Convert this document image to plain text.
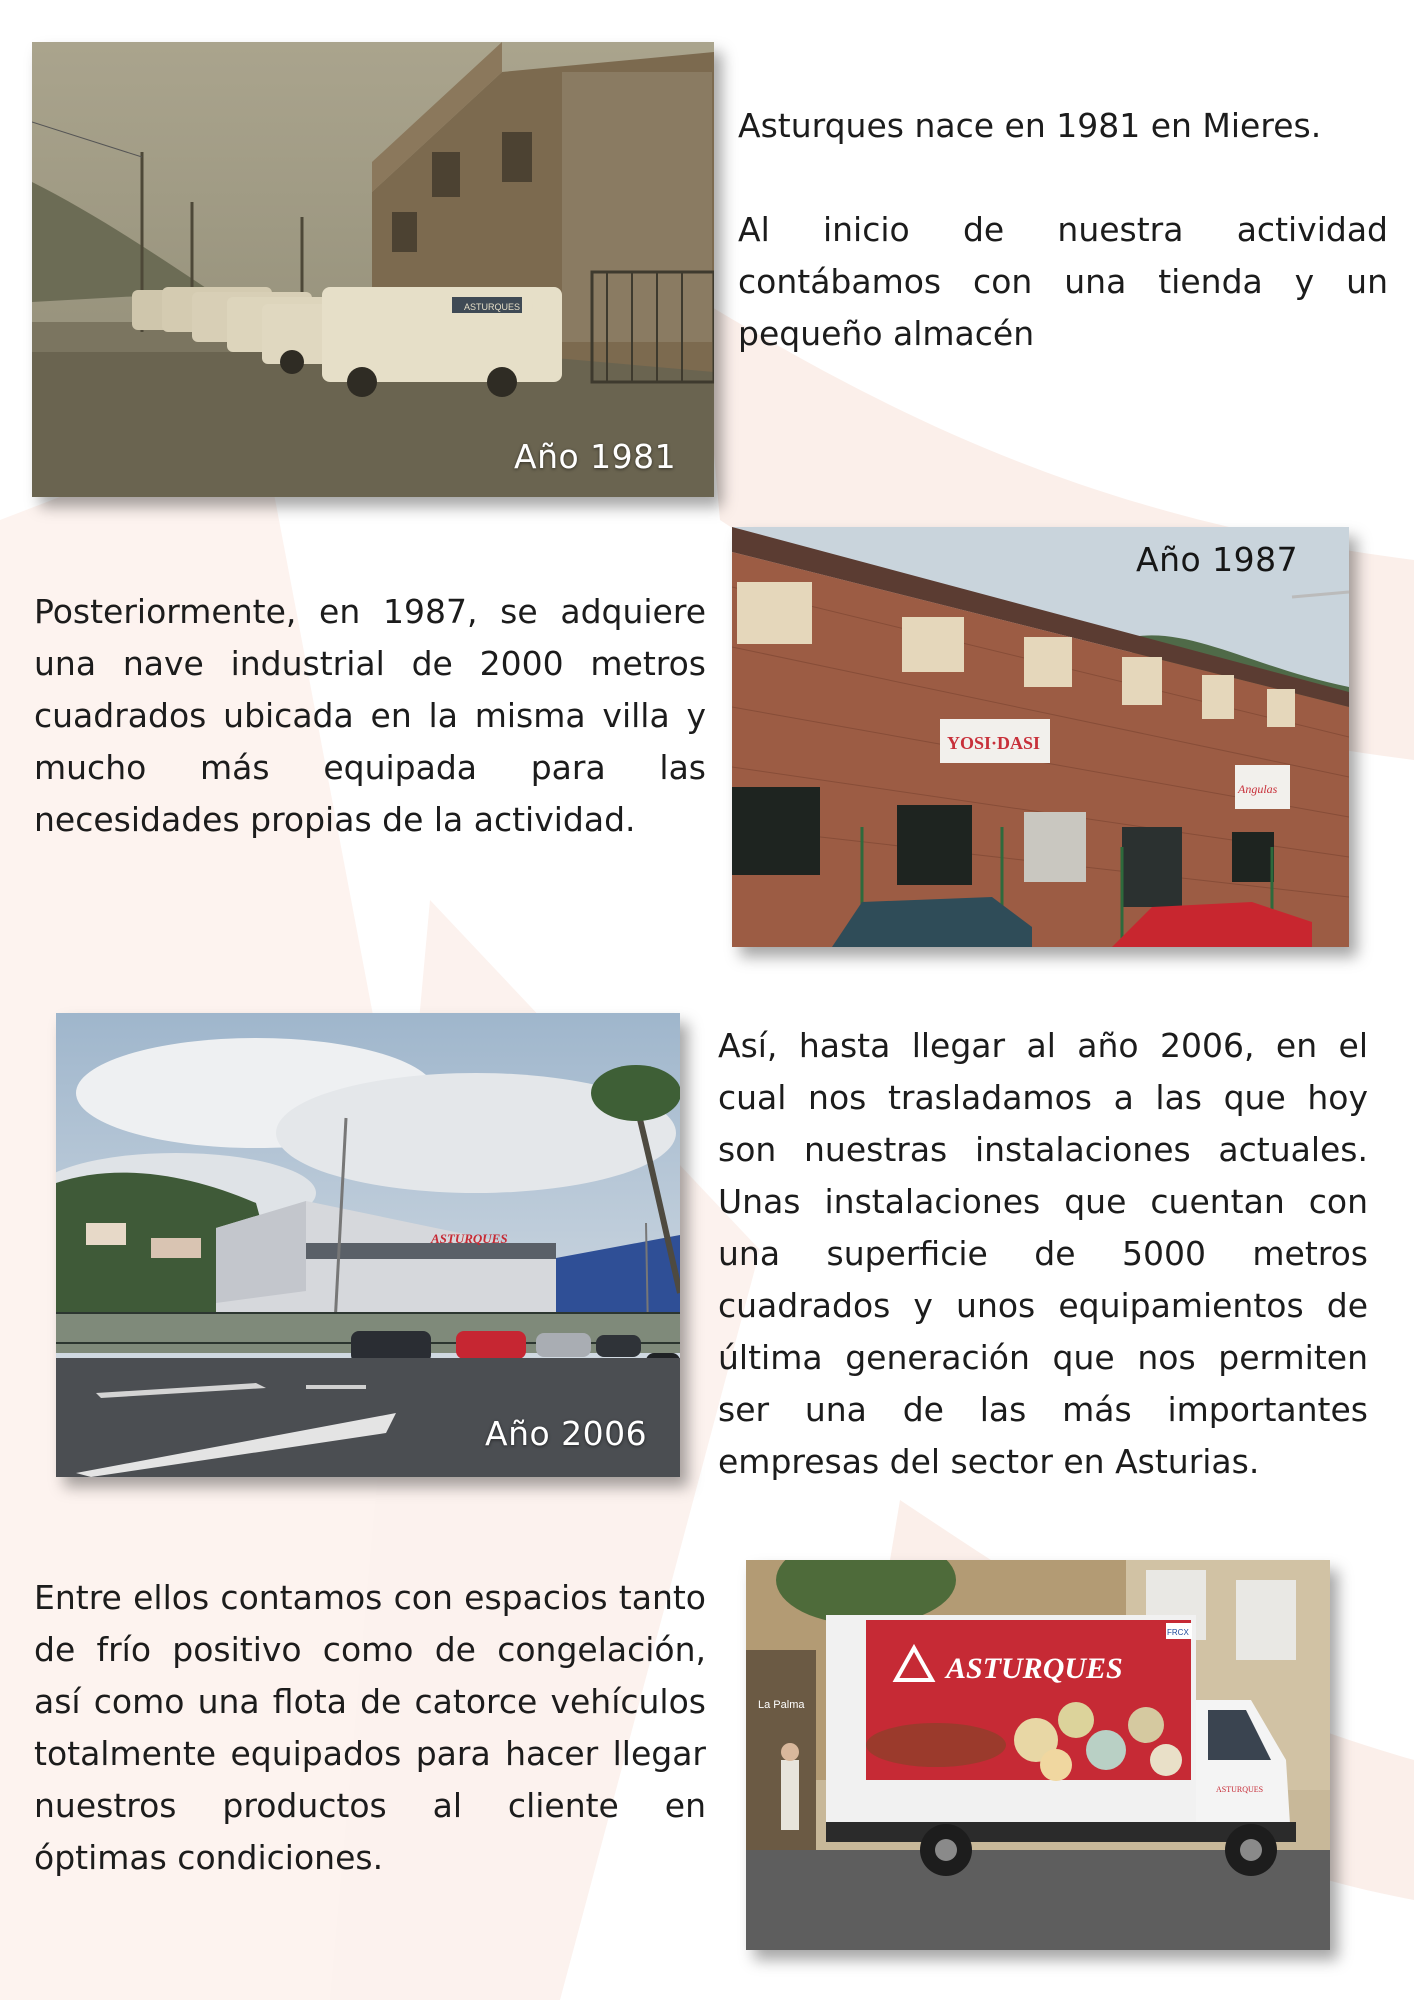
ASTURQUES S.L.
Año 1981

Asturques nace en 1981 en Mieres.

Al inicio de nuestra actividad contábamos con una tienda y un pequeño almacén

Posteriormente, en 1987, se adquiere una nave industrial de 2000 metros cuadrados ubicada en la misma villa y mucho más equipada para las necesidades propias de la actividad.
YOSI·DASI
Angulas
Año 1987
ASTURQUES
Año 2006
Así, hasta llegar al año 2006, en el cual nos trasladamos a las que hoy son nuestras instalaciones actuales. Unas instalaciones que cuentan con una superficie de 5000 metros cuadrados y unos equipamientos de última generación que nos permiten ser una de las más importantes empresas del sector en Asturias.
Entre ellos contamos con espacios tanto de frío positivo como de congelación, así como una flota de catorce vehículos totalmente equipados para hacer llegar nuestros productos al cliente en óptimas condiciones.
La Palma
ASTURQUES
FRCX
ASTURQUES
